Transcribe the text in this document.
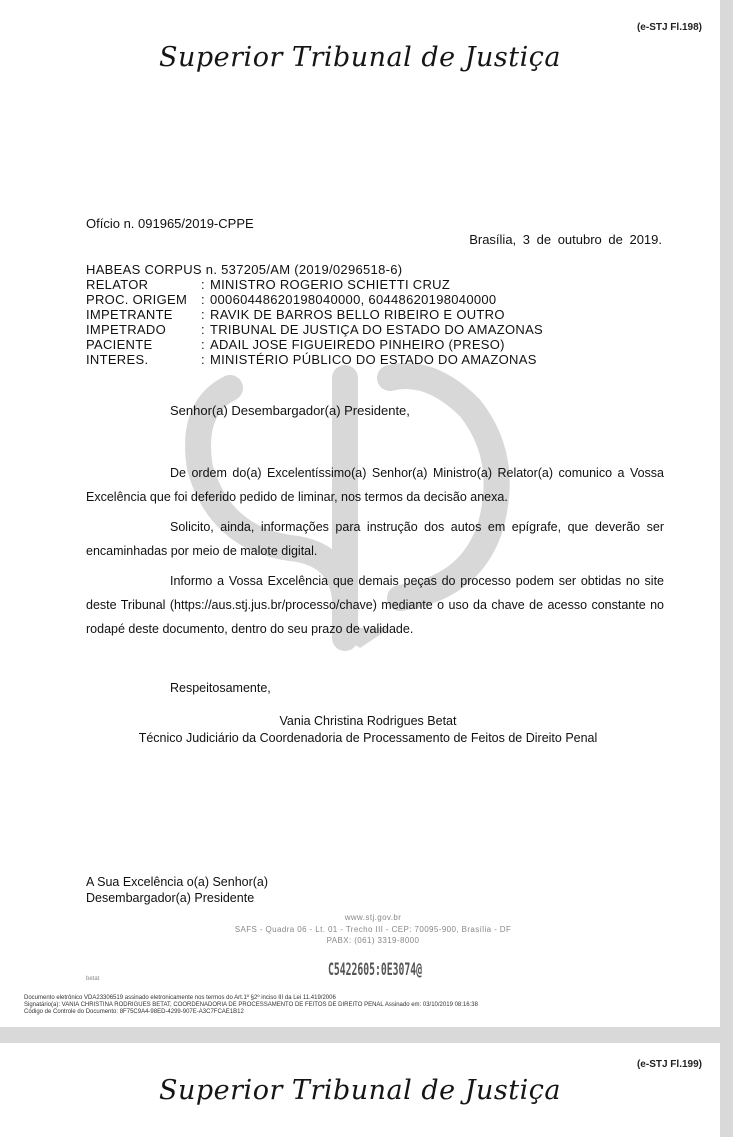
(e-STJ Fl.198)
Superior Tribunal de Justiça
Ofício n. 091965/2019-CPPE
Brasília, 3 de outubro de 2019.
HABEAS CORPUS n. 537205/AM (2019/0296518-6)
RELATOR	: MINISTRO ROGERIO SCHIETTI CRUZ
PROC. ORIGEM	: 00060448620198040000, 60448620198040000
IMPETRANTE	: RAVIK DE BARROS BELLO RIBEIRO E OUTRO
IMPETRADO	: TRIBUNAL DE JUSTIÇA DO ESTADO DO AMAZONAS
PACIENTE	: ADAIL JOSE FIGUEIREDO PINHEIRO (PRESO)
INTERES.	: MINISTÉRIO PÚBLICO DO ESTADO DO AMAZONAS
Senhor(a) Desembargador(a) Presidente,
De ordem do(a) Excelentíssimo(a) Senhor(a) Ministro(a) Relator(a) comunico a Vossa Excelência que foi deferido pedido de liminar, nos termos da decisão anexa.
Solicito, ainda, informações para instrução dos autos em epígrafe, que deverão ser encaminhadas por meio de malote digital.
Informo a Vossa Excelência que demais peças do processo podem ser obtidas no site deste Tribunal (https://aus.stj.jus.br/processo/chave) mediante o uso da chave de acesso constante no rodapé deste documento, dentro do seu prazo de validade.
Respeitosamente,
Vania Christina Rodrigues Betat
Técnico Judiciário da Coordenadoria de Processamento de Feitos de Direito Penal
A Sua Excelência o(a) Senhor(a)
Desembargador(a) Presidente
www.stj.gov.br
SAFS - Quadra 06 - Lt. 01 - Trecho III - CEP: 70095-900, Brasília - DF
PABX: (061) 3319-8000
C5422605:0E3074@
betat
Documento eletrônico VDA23306519 assinado eletronicamente nos termos do Art.1º §2º inciso III da Lei 11.419/2006
Signatário(a): VANIA CHRISTINA RODRIGUES BETAT, COORDENADORIA DE PROCESSAMENTO DE FEITOS DE DIREITO PENAL Assinado em: 03/10/2019 08:16:38
Código de Controle do Documento: 8F75C9A4-98ED-4299-907E-A3C7FCAE1B12
(e-STJ Fl.199)
Superior Tribunal de Justiça
